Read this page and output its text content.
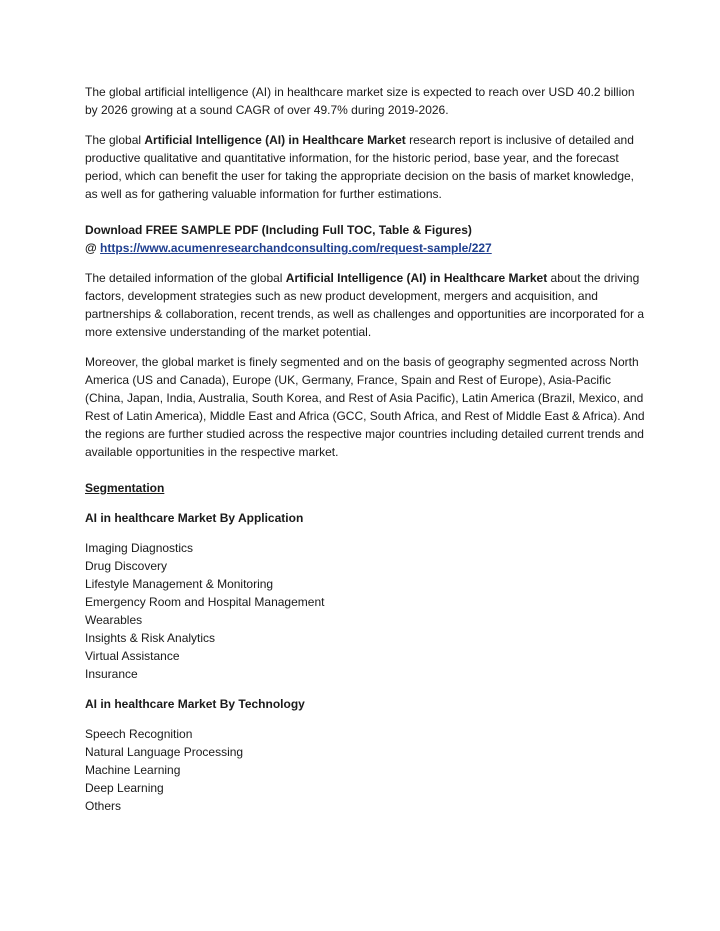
The global artificial intelligence (AI) in healthcare market size is expected to reach over USD 40.2 billion by 2026 growing at a sound CAGR of over 49.7% during 2019-2026.

The global Artificial Intelligence (AI) in Healthcare Market research report is inclusive of detailed and productive qualitative and quantitative information, for the historic period, base year, and the forecast period, which can benefit the user for taking the appropriate decision on the basis of market knowledge, as well as for gathering valuable information for further estimations.

Download FREE SAMPLE PDF (Including Full TOC, Table & Figures)

@ https://www.acumenresearchandconsulting.com/request-sample/227

The detailed information of the global Artificial Intelligence (AI) in Healthcare Market about the driving factors, development strategies such as new product development, mergers and acquisition, and partnerships & collaboration, recent trends, as well as challenges and opportunities are incorporated for a more extensive understanding of the market potential.

Moreover, the global market is finely segmented and on the basis of geography segmented across North America (US and Canada), Europe (UK, Germany, France, Spain and Rest of Europe), Asia-Pacific (China, Japan, India, Australia, South Korea, and Rest of Asia Pacific), Latin America (Brazil, Mexico, and Rest of Latin America), Middle East and Africa (GCC, South Africa, and Rest of Middle East & Africa). And the regions are further studied across the respective major countries including detailed current trends and available opportunities in the respective market.

Segmentation

AI in healthcare Market By Application

Imaging Diagnostics
Drug Discovery
Lifestyle Management & Monitoring
Emergency Room and Hospital Management
Wearables
Insights & Risk Analytics
Virtual Assistance
Insurance

AI in healthcare Market By Technology

Speech Recognition
Natural Language Processing
Machine Learning
Deep Learning
Others
